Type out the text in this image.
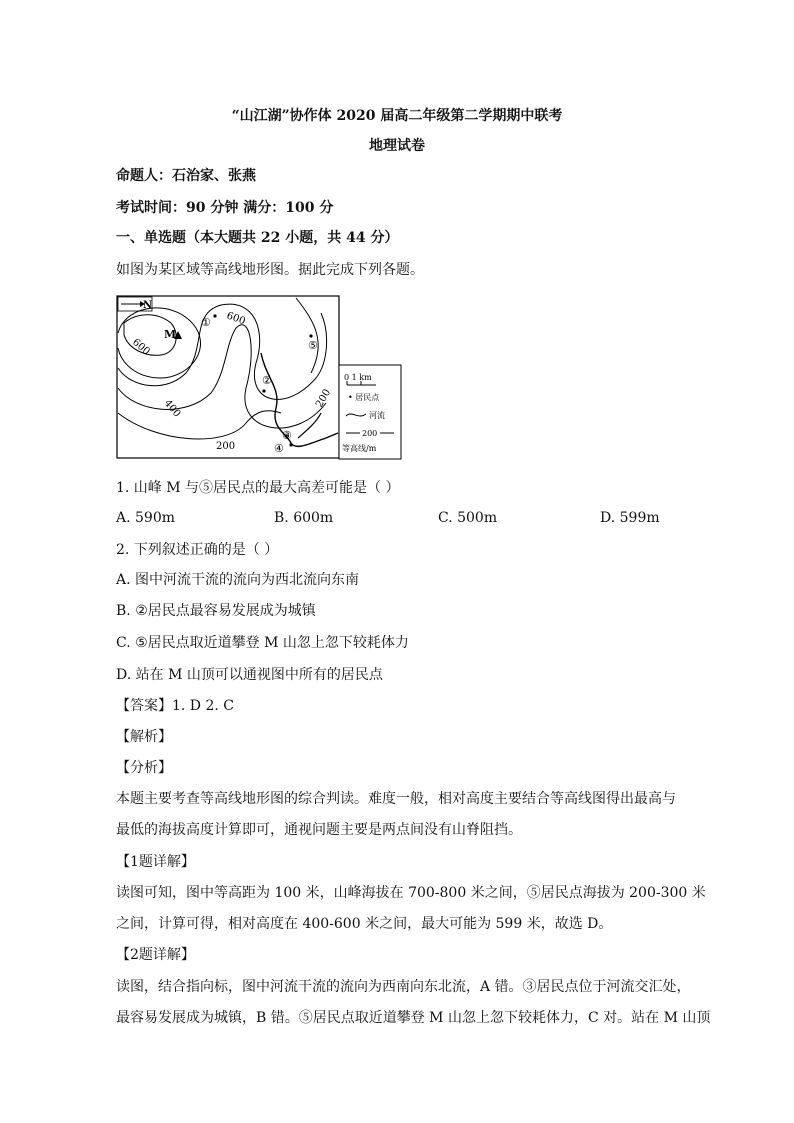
“山江湖”协作体 2020 届高二年级第二学期期中联考
地理试卷
命题人：石治家、张燕
考试时间：90 分钟 满分：100 分
一、单选题（本大题共 22 小题，共 44 分）
如图为某区域等高线地形图。据此完成下列各题。
N
600
600
400	200
200
M
①
②
③
④
⑤
0 1 km
• 居民点
河流
200
等高线/m
1. 山峰 M 与⑤居民点的最大高差可能是（ ）
A. 590m	B. 600m	C. 500m	D. 599m
2. 下列叙述正确的是（ ）
A. 图中河流干流的流向为西北流向东南
B. ②居民点最容易发展成为城镇
C. ⑤居民点取近道攀登 M 山忽上忽下较耗体力
D. 站在 M 山顶可以通视图中所有的居民点
【答案】1. D 2. C
【解析】
【分析】
本题主要考查等高线地形图的综合判读。难度一般，相对高度主要结合等高线图得出最高与
最低的海拔高度计算即可，通视问题主要是两点间没有山脊阻挡。
【1题详解】
读图可知，图中等高距为 100 米，山峰海拔在 700-800 米之间，⑤居民点海拔为 200-300 米
之间，计算可得，相对高度在 400-600 米之间，最大可能为 599 米，故选 D。
【2题详解】
读图，结合指向标，图中河流干流的流向为西南向东北流，A 错。③居民点位于河流交汇处，
最容易发展成为城镇，B 错。⑤居民点取近道攀登 M 山忽上忽下较耗体力，C 对。站在 M 山顶
